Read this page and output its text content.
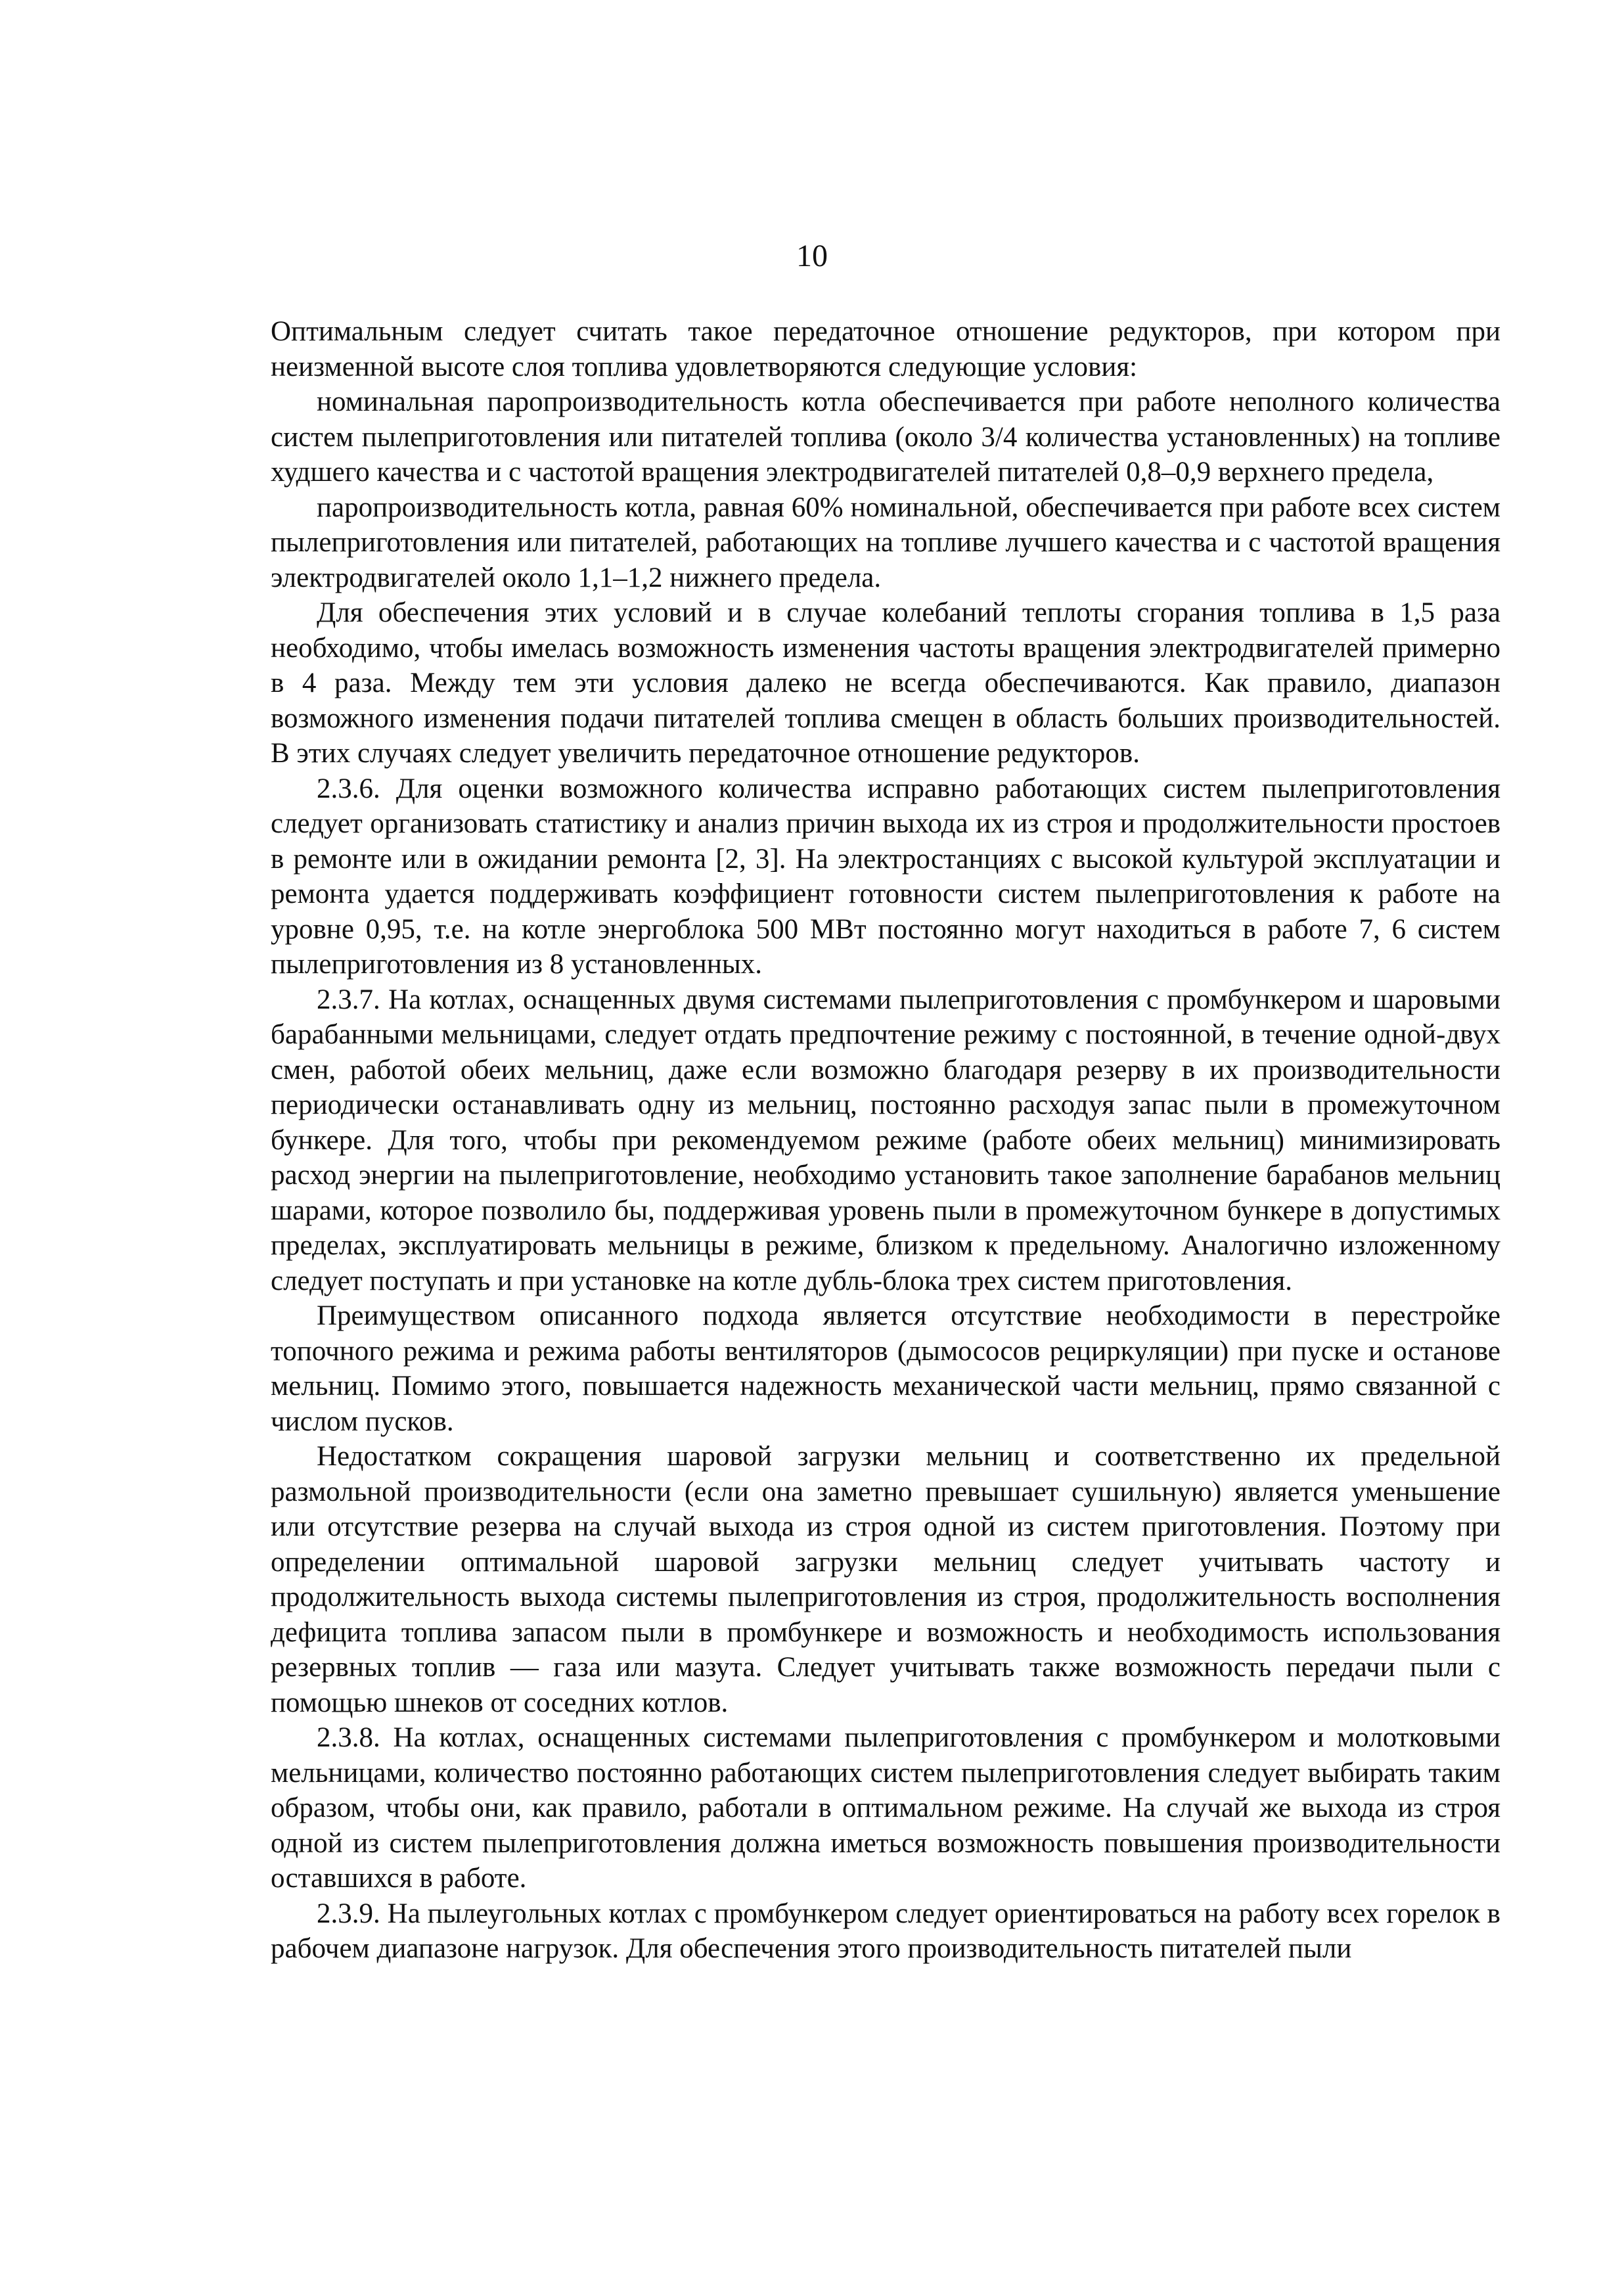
10

Оптимальным следует считать такое передаточное отношение редукторов, при котором при неизменной высоте слоя топлива удовлетворяются следующие условия:

номинальная паропроизводительность котла обеспечивается при работе неполного количества систем пылеприготовления или питателей топлива (около 3/4 количества установленных) на топливе худшего качества и с частотой вращения электродвигателей питателей 0,8–0,9 верхнего предела,

паропроизводительность котла, равная 60% номинальной, обеспечивается при работе всех систем пылеприготовления или питателей, работающих на топливе лучшего качества и с частотой вращения электродвигателей около 1,1–1,2 нижнего предела.

Для обеспечения этих условий и в случае колебаний теплоты сгорания топлива в 1,5 раза необходимо, чтобы имелась возможность изменения частоты вращения электродвигателей примерно в 4 раза. Между тем эти условия далеко не всегда обеспечиваются. Как правило, диапазон возможного изменения подачи питателей топлива смещен в область больших производительностей. В этих случаях следует увеличить передаточное отношение редукторов.

2.3.6. Для оценки возможного количества исправно работающих систем пылеприготовления следует организовать статистику и анализ причин выхода их из строя и продолжительности простоев в ремонте или в ожидании ремонта [2, 3]. На электростанциях с высокой культурой эксплуатации и ремонта удается поддерживать коэффициент готовности систем пылеприготовления к работе на уровне 0,95, т.е. на котле энергоблока 500 МВт постоянно могут находиться в работе 7, 6 систем пылеприготовления из 8 установленных.

2.3.7. На котлах, оснащенных двумя системами пылеприготовления с промбункером и шаровыми барабанными мельницами, следует отдать предпочтение режиму с постоянной, в течение одной-двух смен, работой обеих мельниц, даже если возможно благодаря резерву в их производительности периодически останавливать одну из мельниц, постоянно расходуя запас пыли в промежуточном бункере. Для того, чтобы при рекомендуемом режиме (работе обеих мельниц) минимизировать расход энергии на пылеприготовление, необходимо установить такое заполнение барабанов мельниц шарами, которое позволило бы, поддерживая уровень пыли в промежуточном бункере в допустимых пределах, эксплуатировать мельницы в режиме, близком к предельному. Аналогично изложенному следует поступать и при установке на котле дубль-блока трех систем приготовления.

Преимуществом описанного подхода является отсутствие необходимости в перестройке топочного режима и режима работы вентиляторов (дымососов рециркуляции) при пуске и останове мельниц. Помимо этого, повышается надежность механической части мельниц, прямо связанной с числом пусков.

Недостатком сокращения шаровой загрузки мельниц и соответственно их предельной размольной производительности (если она заметно превышает сушильную) является уменьшение или отсутствие резерва на случай выхода из строя одной из систем приготовления. Поэтому при определении оптимальной шаровой загрузки мельниц следует учитывать частоту и продолжительность выхода системы пылеприготовления из строя, продолжительность восполнения дефицита топлива запасом пыли в промбункере и возможность и необходимость использования резервных топлив — газа или мазута. Следует учитывать также возможность передачи пыли с помощью шнеков от соседних котлов.

2.3.8. На котлах, оснащенных системами пылеприготовления с промбункером и молотковыми мельницами, количество постоянно работающих систем пылеприготовления следует выбирать таким образом, чтобы они, как правило, работали в оптимальном режиме. На случай же выхода из строя одной из систем пылеприготовления должна иметься возможность повышения производительности оставшихся в работе.

2.3.9. На пылеугольных котлах с промбункером следует ориентироваться на работу всех горелок в рабочем диапазоне нагрузок. Для обеспечения этого производительность питателей пыли
